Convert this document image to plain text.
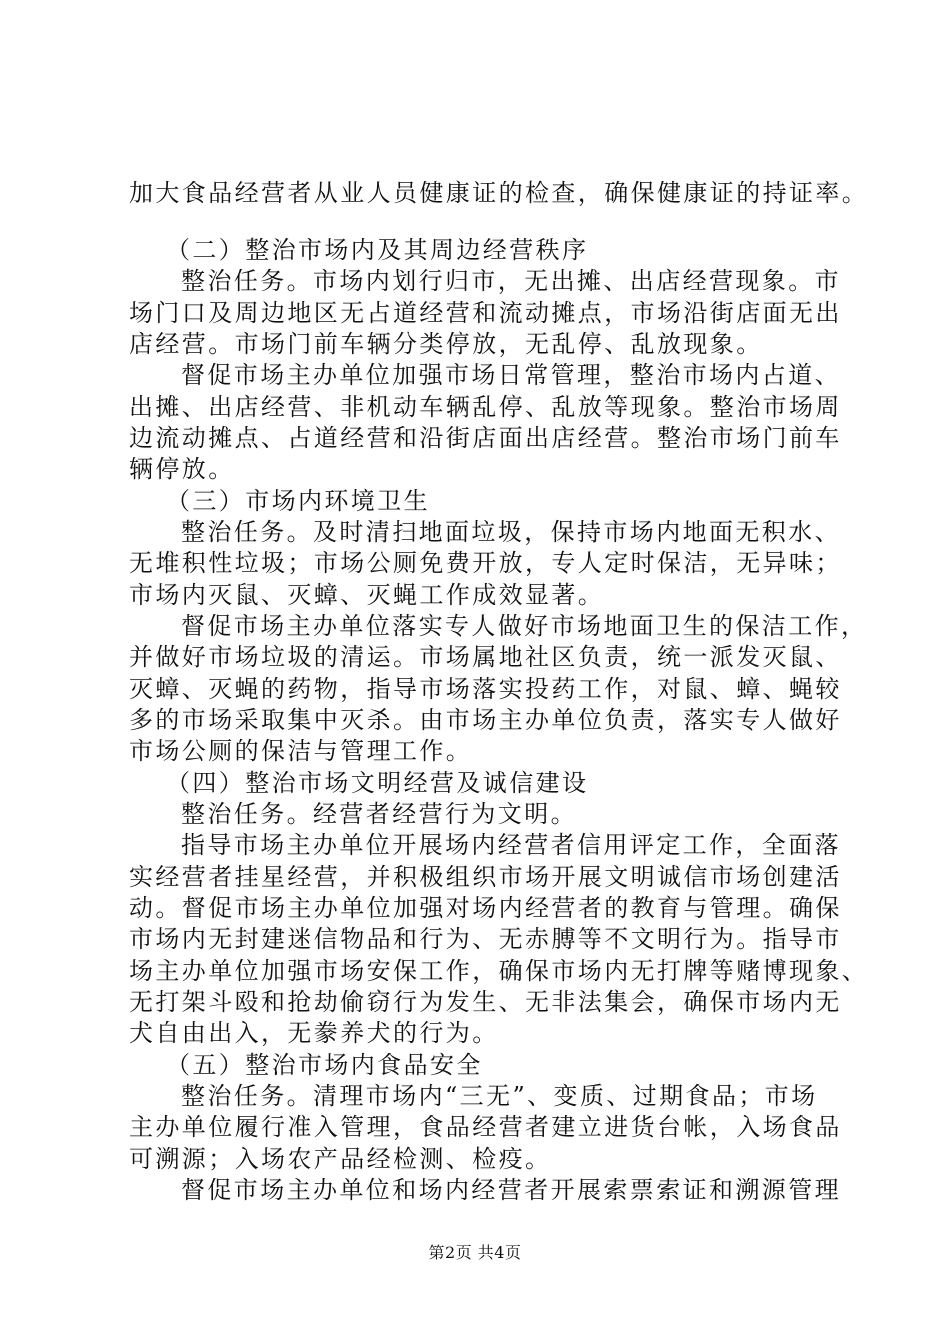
加大食品经营者从业人员健康证的检查，确保健康证的持证率。
（二）整治市场内及其周边经营秩序
整治任务。市场内划行归市，无出摊、出店经营现象。市
场门口及周边地区无占道经营和流动摊点，市场沿街店面无出
店经营。市场门前车辆分类停放，无乱停、乱放现象。
督促市场主办单位加强市场日常管理，整治市场内占道、
出摊、出店经营、非机动车辆乱停、乱放等现象。整治市场周
边流动摊点、占道经营和沿街店面出店经营。整治市场门前车
辆停放。
（三）市场内环境卫生
整治任务。及时清扫地面垃圾，保持市场内地面无积水、
无堆积性垃圾；市场公厕免费开放，专人定时保洁，无异味；
市场内灭鼠、灭蟑、灭蝇工作成效显著。
督促市场主办单位落实专人做好市场地面卫生的保洁工作，
并做好市场垃圾的清运。市场属地社区负责，统一派发灭鼠、
灭蟑、灭蝇的药物，指导市场落实投药工作，对鼠、蟑、蝇较
多的市场采取集中灭杀。由市场主办单位负责，落实专人做好
市场公厕的保洁与管理工作。
（四）整治市场文明经营及诚信建设
整治任务。经营者经营行为文明。
指导市场主办单位开展场内经营者信用评定工作，全面落
实经营者挂星经营，并积极组织市场开展文明诚信市场创建活
动。督促市场主办单位加强对场内经营者的教育与管理。确保
市场内无封建迷信物品和行为、无赤膊等不文明行为。指导市
场主办单位加强市场安保工作，确保市场内无打牌等赌博现象、
无打架斗殴和抢劫偷窃行为发生、无非法集会，确保市场内无
犬自由出入，无豢养犬的行为。
（五）整治市场内食品安全
整治任务。清理市场内“三无”、变质、过期食品；市场
主办单位履行准入管理，食品经营者建立进货台帐，入场食品
可溯源；入场农产品经检测、检疫。
督促市场主办单位和场内经营者开展索票索证和溯源管理
第2页 共4页
